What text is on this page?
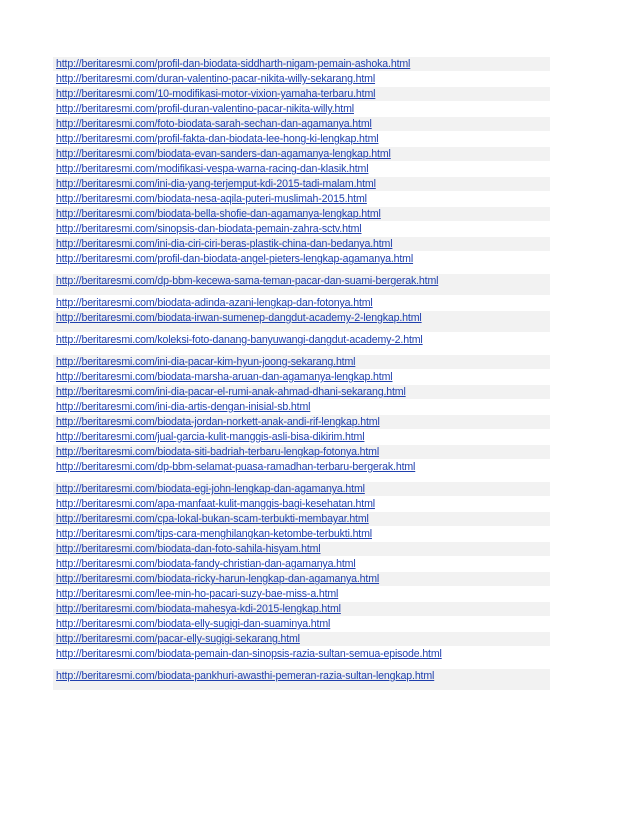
http://beritaresmi.com/profil-dan-biodata-siddharth-nigam-pemain-ashoka.html
http://beritaresmi.com/duran-valentino-pacar-nikita-willy-sekarang.html
http://beritaresmi.com/10-modifikasi-motor-vixion-yamaha-terbaru.html
http://beritaresmi.com/profil-duran-valentino-pacar-nikita-willy.html
http://beritaresmi.com/foto-biodata-sarah-sechan-dan-agamanya.html
http://beritaresmi.com/profil-fakta-dan-biodata-lee-hong-ki-lengkap.html
http://beritaresmi.com/biodata-evan-sanders-dan-agamanya-lengkap.html
http://beritaresmi.com/modifikasi-vespa-warna-racing-dan-klasik.html
http://beritaresmi.com/ini-dia-yang-terjemput-kdi-2015-tadi-malam.html
http://beritaresmi.com/biodata-nesa-aqila-puteri-muslimah-2015.html
http://beritaresmi.com/biodata-bella-shofie-dan-agamanya-lengkap.html
http://beritaresmi.com/sinopsis-dan-biodata-pemain-zahra-sctv.html
http://beritaresmi.com/ini-dia-ciri-ciri-beras-plastik-china-dan-bedanya.html
http://beritaresmi.com/profil-dan-biodata-angel-pieters-lengkap-agamanya.html
http://beritaresmi.com/dp-bbm-kecewa-sama-teman-pacar-dan-suami-bergerak.html
http://beritaresmi.com/biodata-adinda-azani-lengkap-dan-fotonya.html
http://beritaresmi.com/biodata-irwan-sumenep-dangdut-academy-2-lengkap.html
http://beritaresmi.com/koleksi-foto-danang-banyuwangi-dangdut-academy-2.html
http://beritaresmi.com/ini-dia-pacar-kim-hyun-joong-sekarang.html
http://beritaresmi.com/biodata-marsha-aruan-dan-agamanya-lengkap.html
http://beritaresmi.com/ini-dia-pacar-el-rumi-anak-ahmad-dhani-sekarang.html
http://beritaresmi.com/ini-dia-artis-dengan-inisial-sb.html
http://beritaresmi.com/biodata-jordan-norkett-anak-andi-rif-lengkap.html
http://beritaresmi.com/jual-garcia-kulit-manggis-asli-bisa-dikirim.html
http://beritaresmi.com/biodata-siti-badriah-terbaru-lengkap-fotonya.html
http://beritaresmi.com/dp-bbm-selamat-puasa-ramadhan-terbaru-bergerak.html
http://beritaresmi.com/biodata-egi-john-lengkap-dan-agamanya.html
http://beritaresmi.com/apa-manfaat-kulit-manggis-bagi-kesehatan.html
http://beritaresmi.com/cpa-lokal-bukan-scam-terbukti-membayar.html
http://beritaresmi.com/tips-cara-menghilangkan-ketombe-terbukti.html
http://beritaresmi.com/biodata-dan-foto-sahila-hisyam.html
http://beritaresmi.com/biodata-fandy-christian-dan-agamanya.html
http://beritaresmi.com/biodata-ricky-harun-lengkap-dan-agamanya.html
http://beritaresmi.com/lee-min-ho-pacari-suzy-bae-miss-a.html
http://beritaresmi.com/biodata-mahesya-kdi-2015-lengkap.html
http://beritaresmi.com/biodata-elly-sugigi-dan-suaminya.html
http://beritaresmi.com/pacar-elly-sugigi-sekarang.html
http://beritaresmi.com/biodata-pemain-dan-sinopsis-razia-sultan-semua-episode.html
http://beritaresmi.com/biodata-pankhuri-awasthi-pemeran-razia-sultan-lengkap.html
